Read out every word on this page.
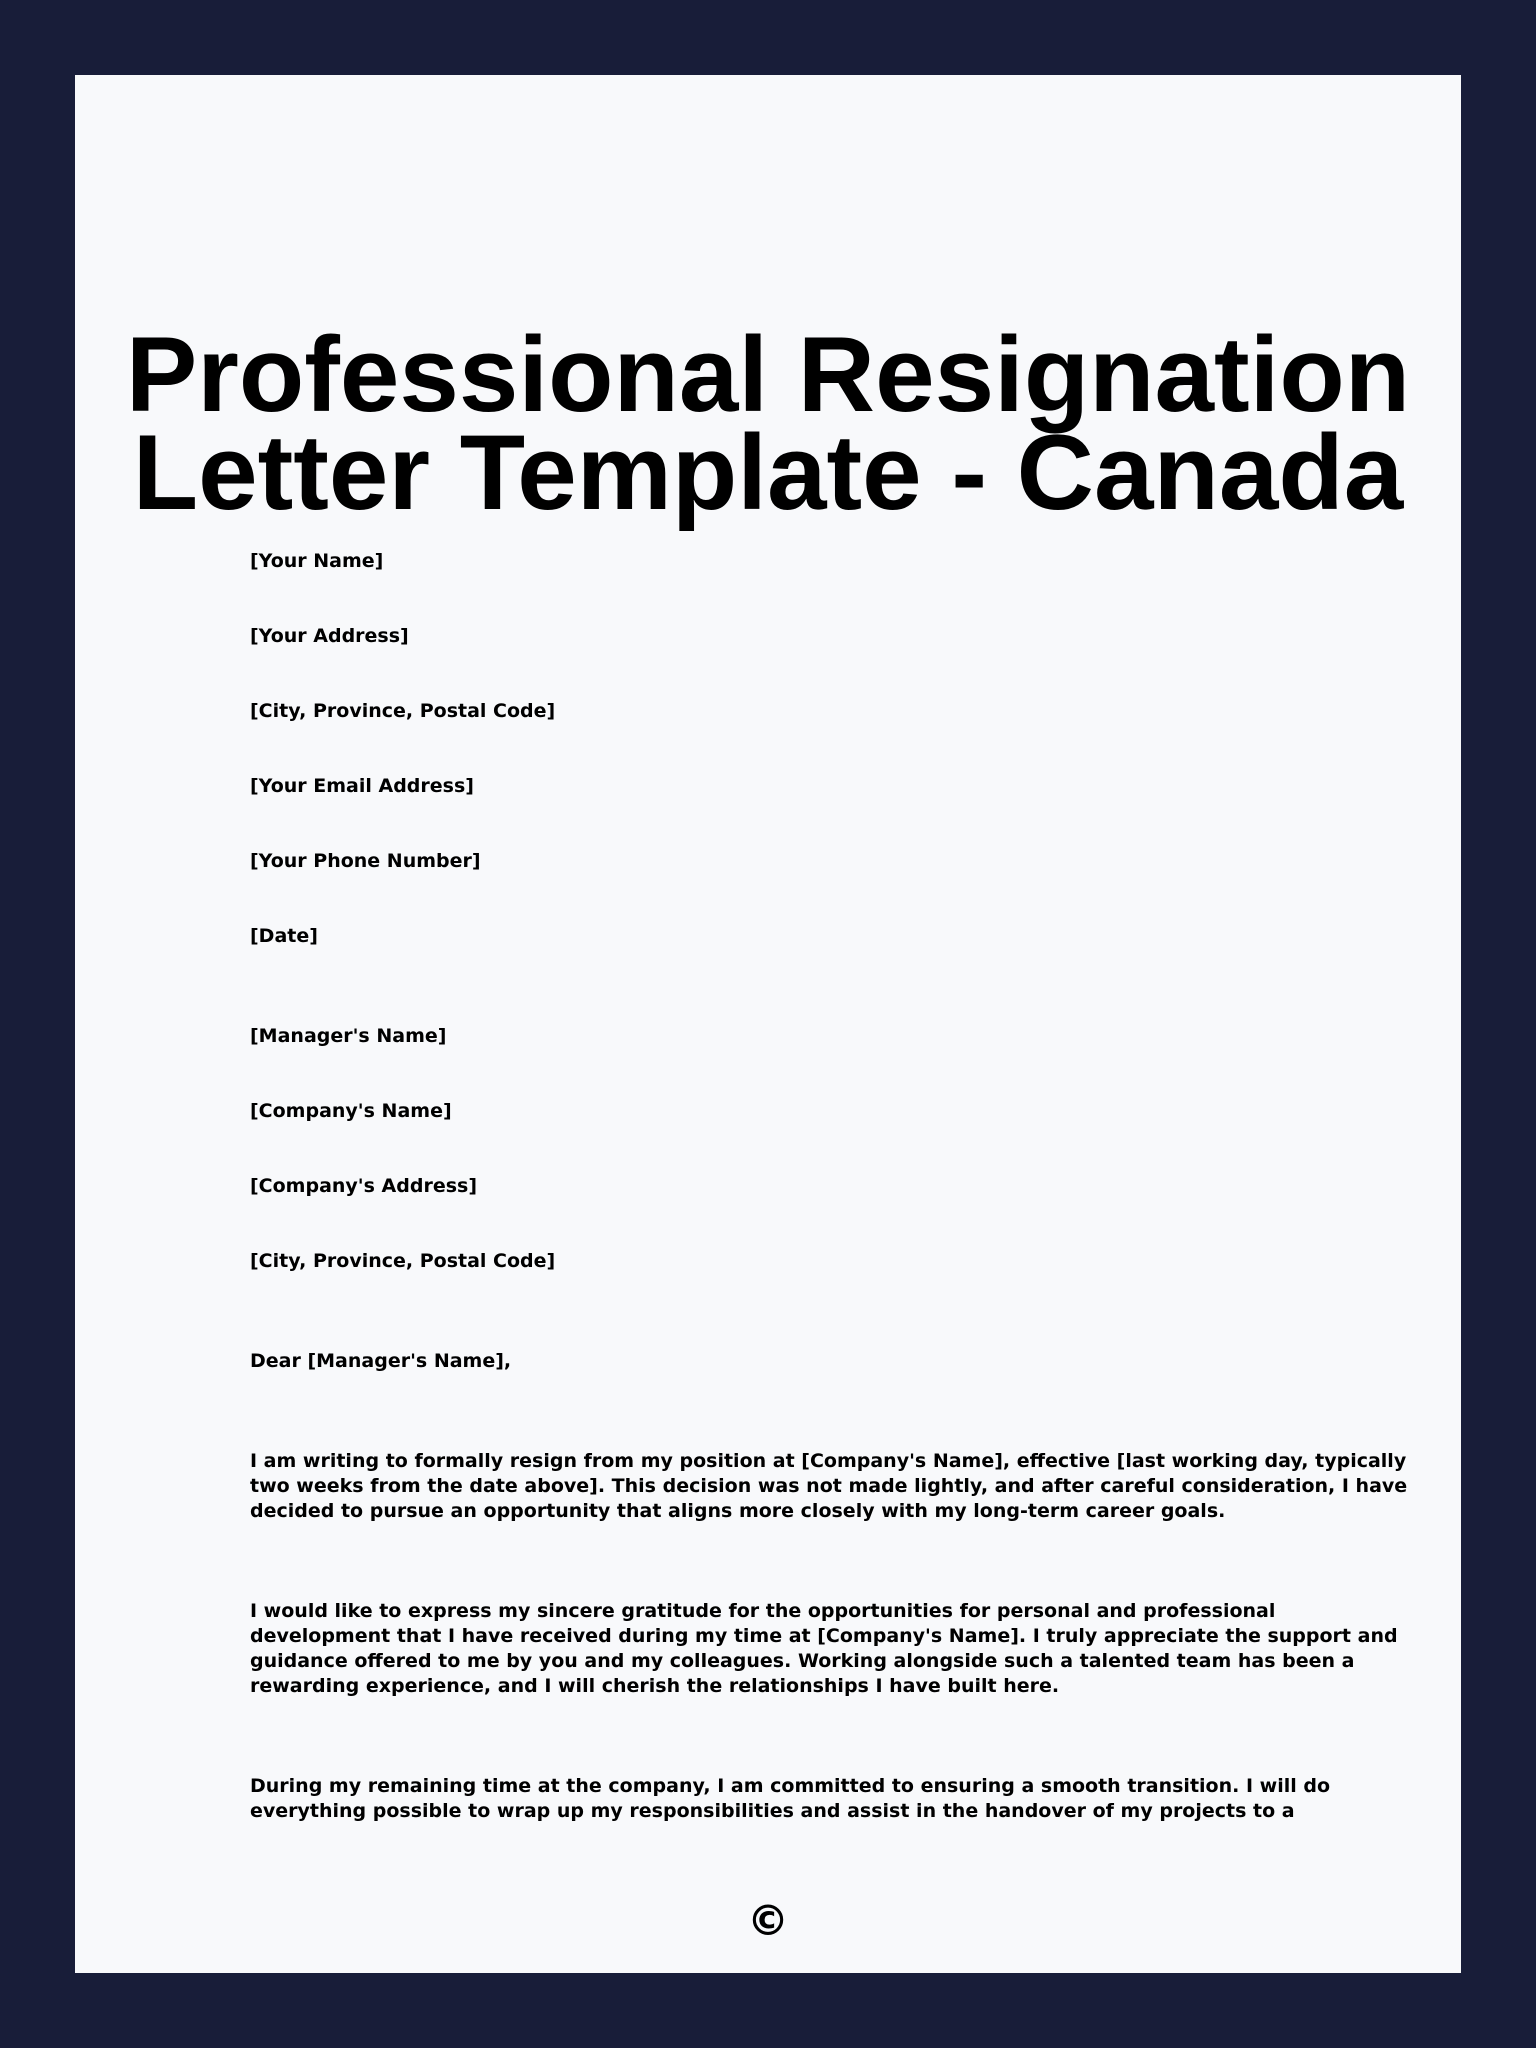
Professional Resignation
Letter Template - Canada
[Your Name]
[Your Address]
[City, Province, Postal Code]
[Your Email Address]
[Your Phone Number]
[Date]
[Manager's Name]
[Company's Name]
[Company's Address]
[City, Province, Postal Code]
Dear [Manager's Name],
I am writing to formally resign from my position at [Company's Name], effective [last working day, typically
two weeks from the date above]. This decision was not made lightly, and after careful consideration, I have
decided to pursue an opportunity that aligns more closely with my long-term career goals.
I would like to express my sincere gratitude for the opportunities for personal and professional
development that I have received during my time at [Company's Name]. I truly appreciate the support and
guidance offered to me by you and my colleagues. Working alongside such a talented team has been a
rewarding experience, and I will cherish the relationships I have built here.
During my remaining time at the company, I am committed to ensuring a smooth transition. I will do
everything possible to wrap up my responsibilities and assist in the handover of my projects to a
©
